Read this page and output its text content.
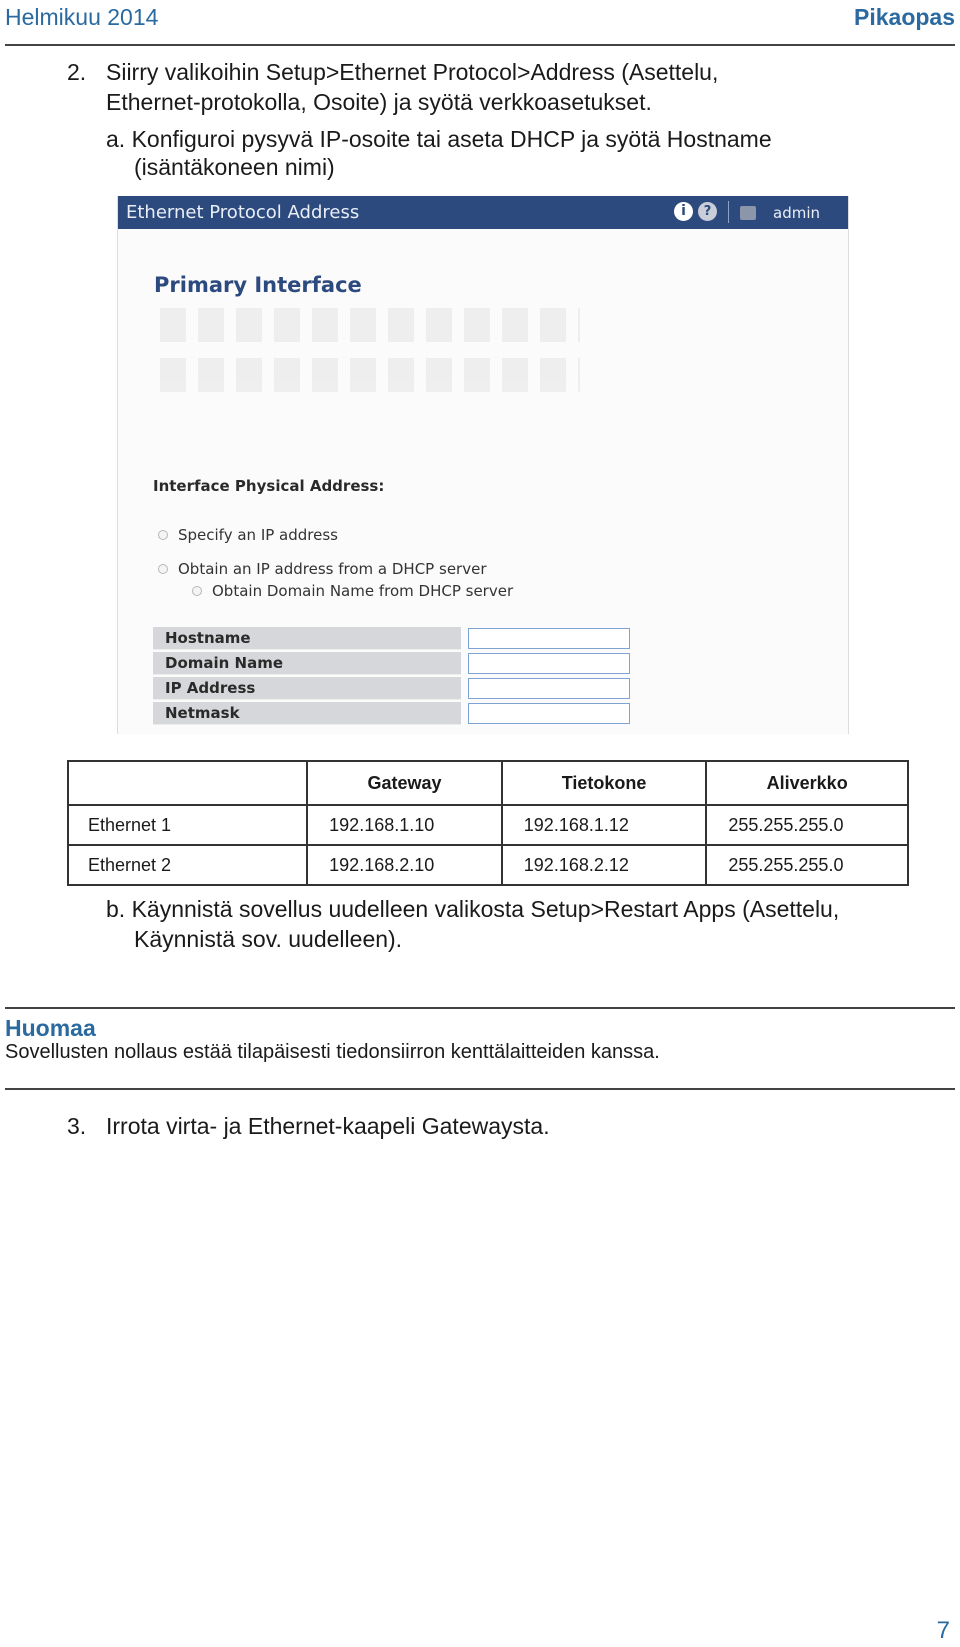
Helmikuu 2014	Pikaopas
2. Siirry valikoihin Setup>Ethernet Protocol>Address (Asettelu,
Ethernet-protokolla, Osoite) ja syötä verkkoasetukset.
a. Konfiguroi pysyvä IP-osoite tai aseta DHCP ja syötä Hostname
(isäntäkoneen nimi)
Ethernet Protocol Address	i	?	admin
Primary Interface
Interface Physical Address:
Specify an IP address
Obtain an IP address from a DHCP server
Obtain Domain Name from DHCP server
Hostname
Domain Name
IP Address
Netmask
	Gateway	Tietokone	Aliverkko
Ethernet 1	192.168.1.10	192.168.1.12	255.255.255.0
Ethernet 2	192.168.2.10	192.168.2.12	255.255.255.0
b. Käynnistä sovellus uudelleen valikosta Setup>Restart Apps (Asettelu,
Käynnistä sov. uudelleen).
Huomaa
Sovellusten nollaus estää tilapäisesti tiedonsiirron kenttälaitteiden kanssa.
3. Irrota virta- ja Ethernet-kaapeli Gatewaysta.
7
